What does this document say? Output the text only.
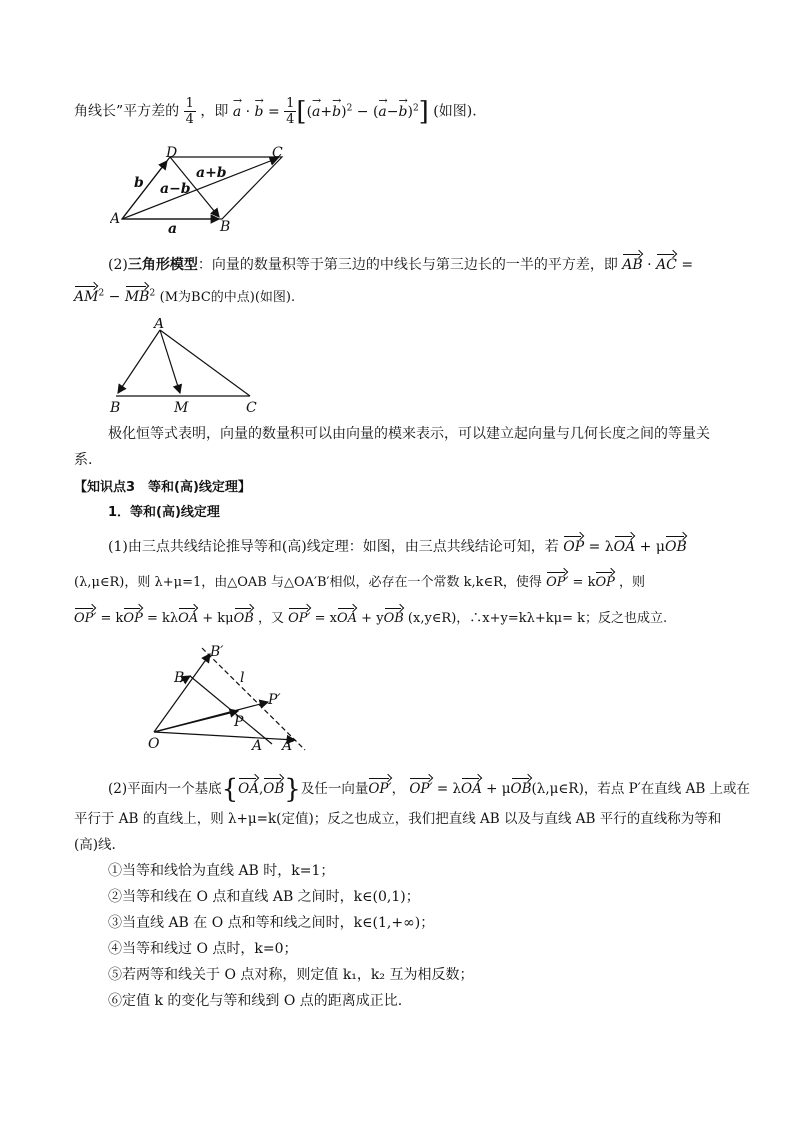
角线长”平方差的 $\frac{1}{4}$ ，即 → a · → $b = \frac{1}{4}$ [(→ a+→ b)$^2$ − (→ a−→ b)$^2$] (如图).
D	C
A	B
b
a
a−b
a+b
(2)三角形模型：向量的数量积等于第三边的中线长与第三边长的一半的平方差，即 AB · AC =
$AM^2 - MB^2$ (M为BC的中点)(如图).
A
B	M	C
极化恒等式表明，向量的数量积可以由向量的模来表示，可以建立起向量与几何长度之间的等量关
系.
【知识点3　等和(高)线定理】
1．等和(高)线定理
(1)由三点共线结论推导等和(高)线定理：如图，由三点共线结论可知，若 OP = λOA + μOB
(λ,μ∈R)，则 λ+μ=1，由△OAB 与△OA′B′相似，必存在一个常数 k,k∈R，使得 OP′ = kOP ，则
OP′ = kOP = kλOA + kμOB ，又 OP′ = xOA + yOB (x,y∈R)，∴x+y=kλ+kμ= k；反之也成立.
O	A A′
B
B′
P
P′
l
(2)平面内一个基底{OA,OB}及任一向量OP′， OP′ = λOA + μOB(λ,μ∈R)，若点 P′在直线 AB 上或在
平行于 AB 的直线上，则 λ+μ=k(定值)；反之也成立，我们把直线 AB 以及与直线 AB 平行的直线称为等和
(高)线.
①当等和线恰为直线 AB 时，k=1；
②当等和线在 O 点和直线 AB 之间时，k∈(0,1)；
③当直线 AB 在 O 点和等和线之间时，k∈(1,+∞)；
④当等和线过 O 点时，k=0；
⑤若两等和线关于 O 点对称，则定值 k₁，k₂ 互为相反数；
⑥定值 k 的变化与等和线到 O 点的距离成正比.
